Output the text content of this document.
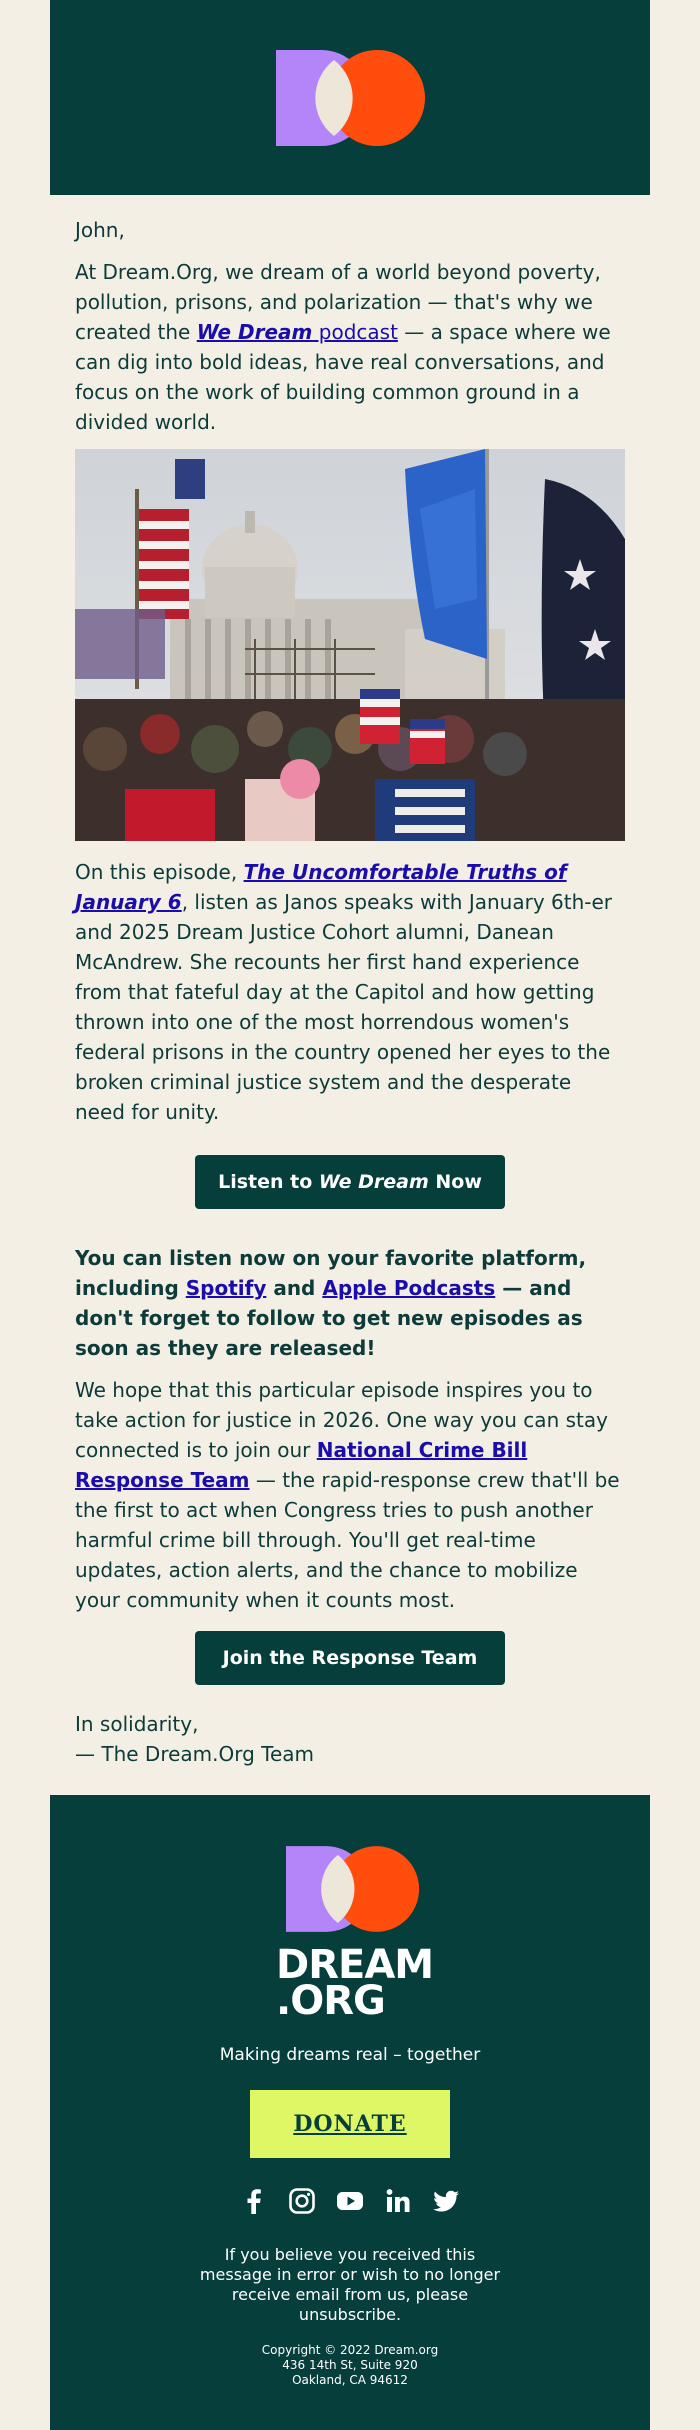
John,

At Dream.Org, we dream of a world beyond poverty, pollution, prisons, and polarization — that's why we created the We Dream podcast — a space where we can dig into bold ideas, have real conversations, and focus on the work of building common ground in a divided world.

On this episode, The Uncomfortable Truths of January 6, listen as Janos speaks with January 6th-er and 2025 Dream Justice Cohort alumni, Danean McAndrew. She recounts her first hand experience from that fateful day at the Capitol and how getting thrown into one of the most horrendous women's federal prisons in the country opened her eyes to the broken criminal justice system and the desperate need for unity.

Listen to We Dream Now

You can listen now on your favorite platform, including Spotify and Apple Podcasts — and don't forget to follow to get new episodes as soon as they are released!

We hope that this particular episode inspires you to take action for justice in 2026. One way you can stay connected is to join our National Crime Bill Response Team — the rapid-response crew that'll be the first to act when Congress tries to push another harmful crime bill through. You'll get real-time updates, action alerts, and the chance to mobilize your community when it counts most.

Join the Response Team

In solidarity,

— The Dream.Org Team

DREAM
.ORG
Making dreams real – together
DONATE
If you believe you received this message in error or wish to no longer receive email from us, please unsubscribe.
Copyright © 2022 Dream.org
436 14th St, Suite 920
Oakland, CA 94612
